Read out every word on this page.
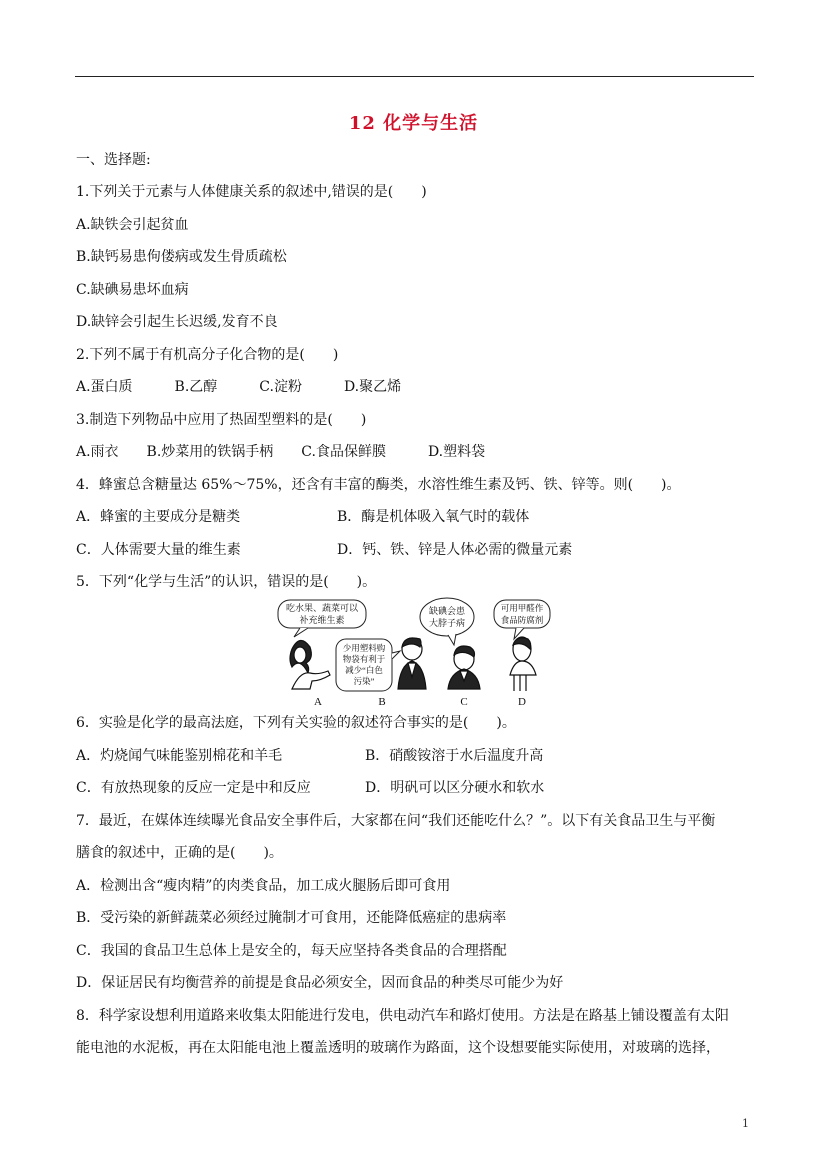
12 化学与生活
一、选择题:
1.下列关于元素与人体健康关系的叙述中,错误的是(　　)
A.缺铁会引起贫血
B.缺钙易患佝偻病或发生骨质疏松
C.缺碘易患坏血病
D.缺锌会引起生长迟缓,发育不良
2.下列不属于有机高分子化合物的是(　　)
A.蛋白质　　　B.乙醇　　　C.淀粉　　　D.聚乙烯
3.制造下列物品中应用了热固型塑料的是(　　)
A.雨衣　　B.炒菜用的铁锅手柄　　C.食品保鲜膜　　　D.塑料袋
4．蜂蜜总含糖量达 65%～75%，还含有丰富的酶类，水溶性维生素及钙、铁、锌等。则(　　)。
A．蜂蜜的主要成分是糖类	B．酶是机体吸入氧气时的载体
C．人体需要大量的维生素	D．钙、铁、锌是人体必需的微量元素
5．下列“化学与生活”的认识，错误的是(　　)。
吃水果、蔬菜可以
补充维生素
少用塑料购
物袋有利于
减少“白色
污染”
缺碘会患
大脖子病
可用甲醛作
食品防腐剂
A	B	C	D
6．实验是化学的最高法庭，下列有关实验的叙述符合事实的是(　　)。
A．灼烧闻气味能鉴别棉花和羊毛	B．硝酸铵溶于水后温度升高
C．有放热现象的反应一定是中和反应	D．明矾可以区分硬水和软水
7．最近，在媒体连续曝光食品安全事件后，大家都在问“我们还能吃什么？”。以下有关食品卫生与平衡
膳食的叙述中，正确的是(　　)。
A．检测出含“瘦肉精”的肉类食品，加工成火腿肠后即可食用
B．受污染的新鲜蔬菜必须经过腌制才可食用，还能降低癌症的患病率
C．我国的食品卫生总体上是安全的，每天应坚持各类食品的合理搭配
D．保证居民有均衡营养的前提是食品必须安全，因而食品的种类尽可能少为好
8．科学家设想利用道路来收集太阳能进行发电，供电动汽车和路灯使用。方法是在路基上铺设覆盖有太阳
能电池的水泥板，再在太阳能电池上覆盖透明的玻璃作为路面，这个设想要能实际使用，对玻璃的选择，
1
